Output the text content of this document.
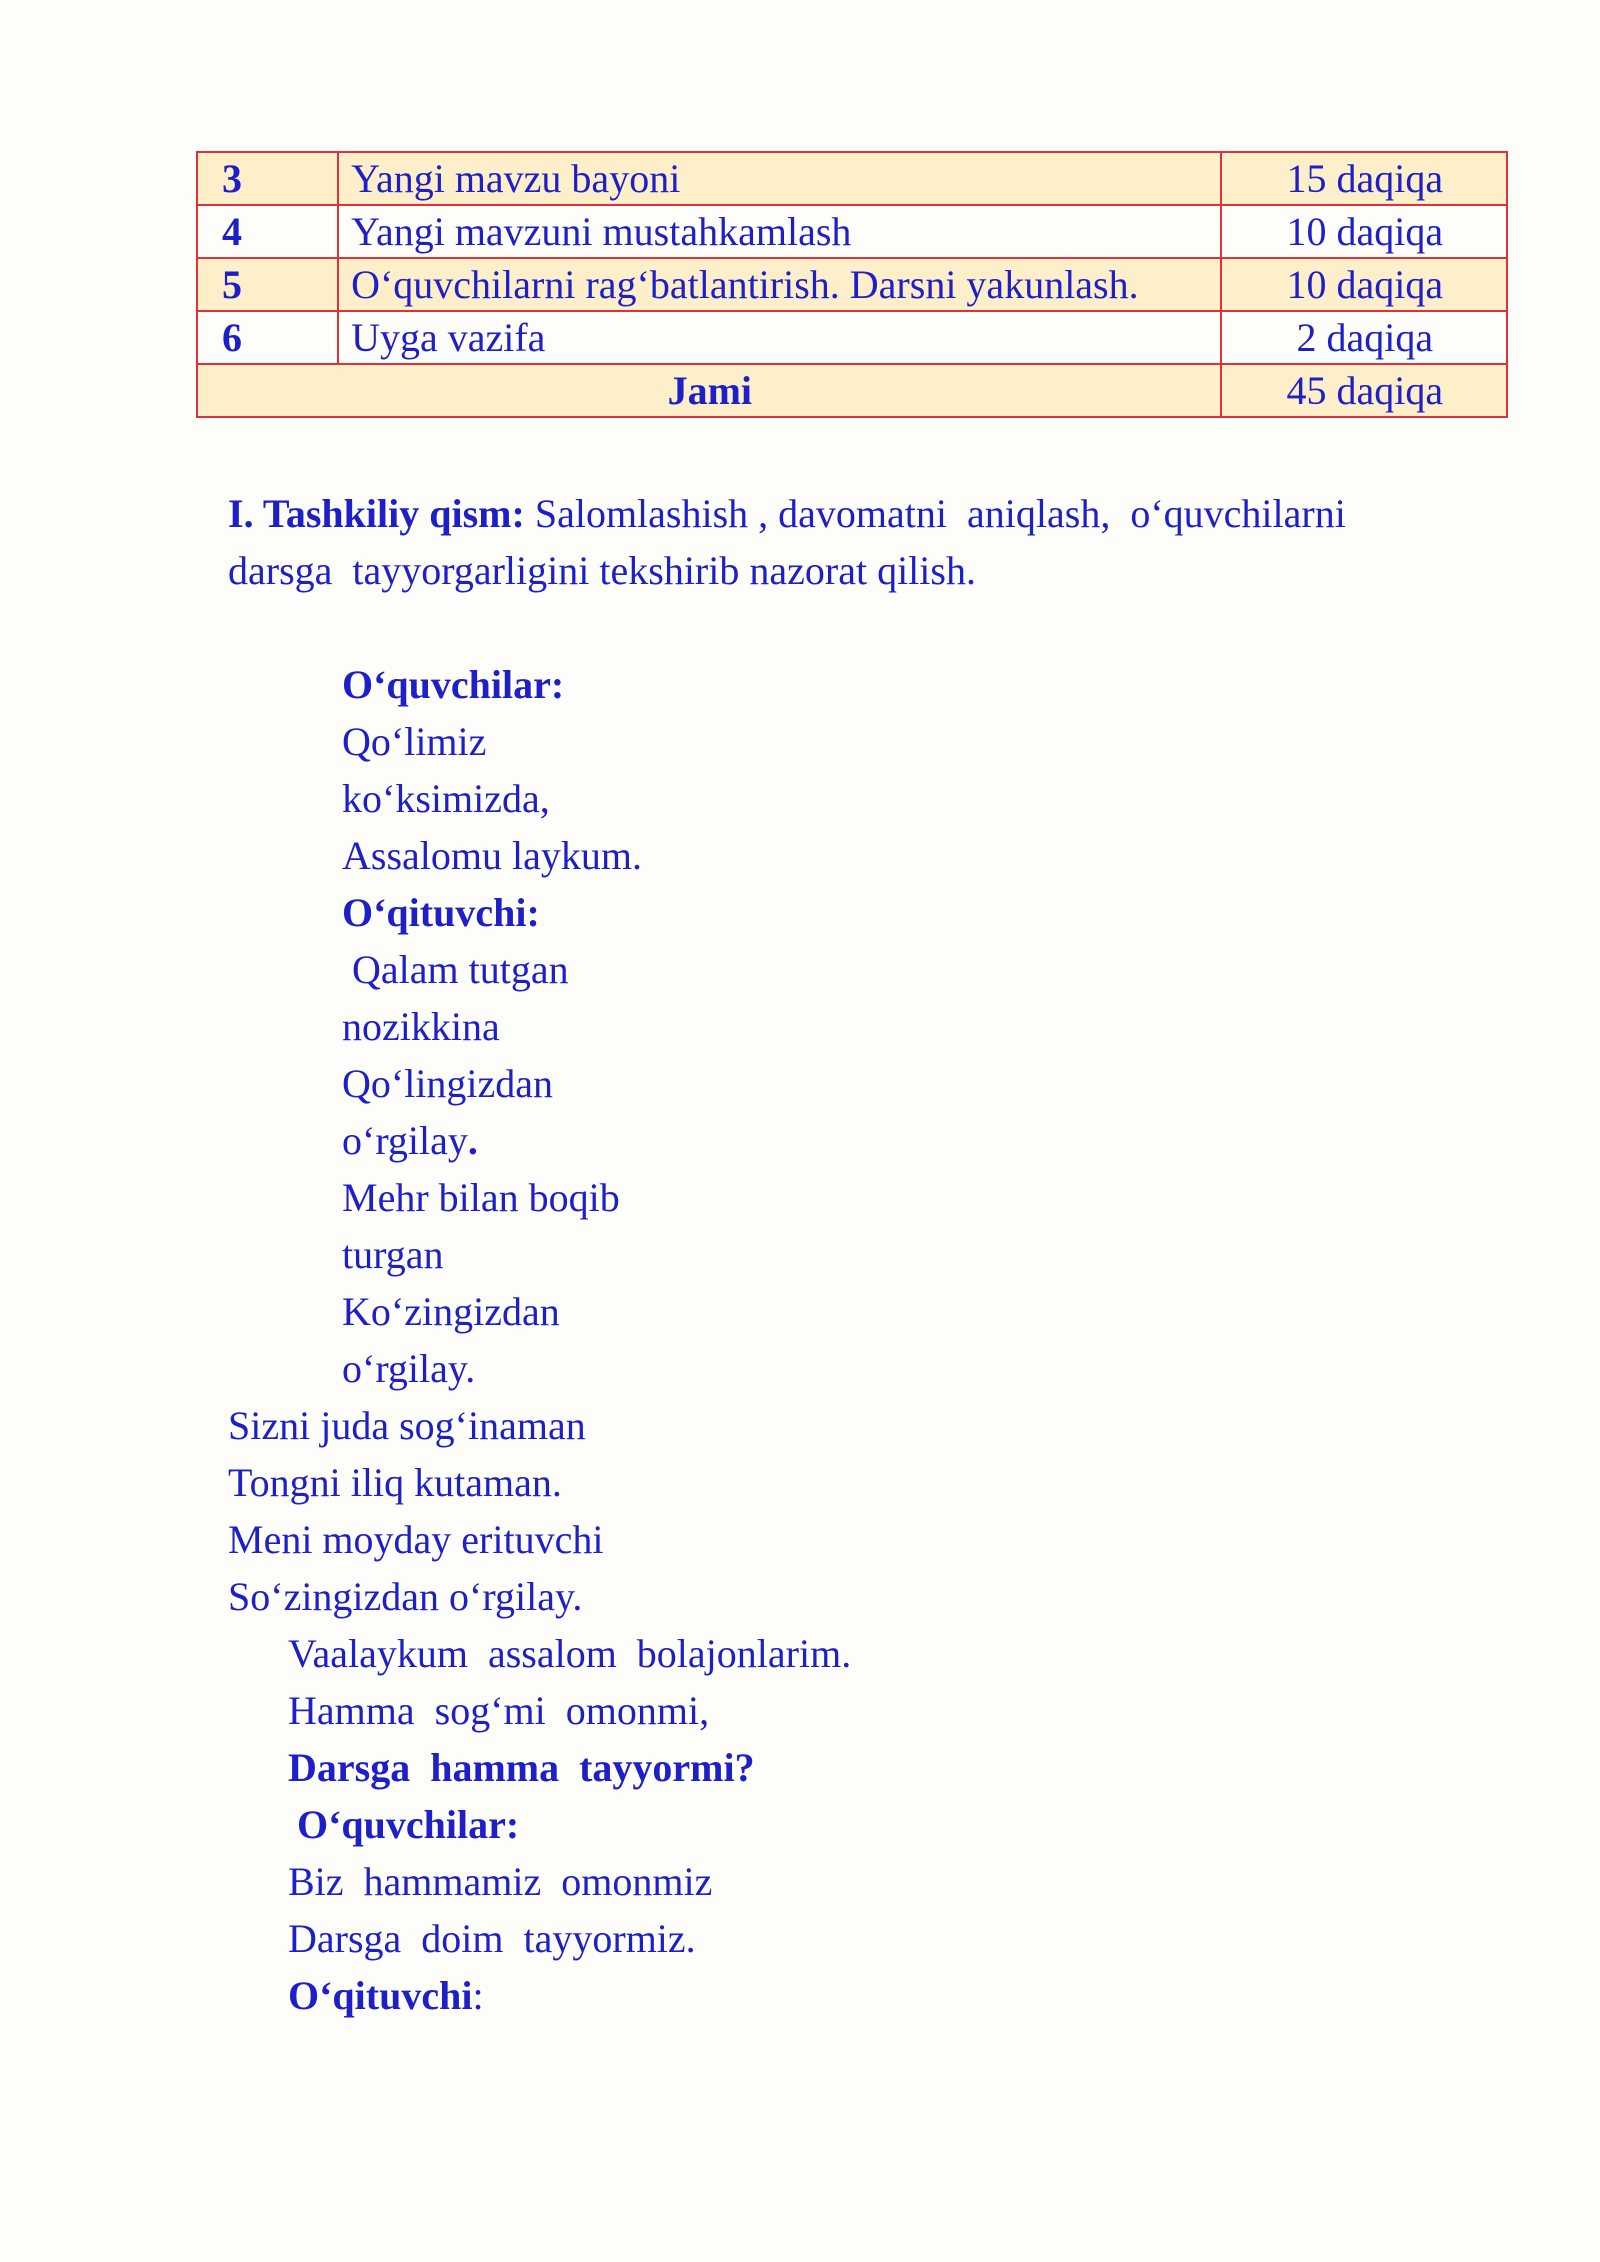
3	Yangi mavzu bayoni	15 daqiqa
4	Yangi mavzuni mustahkamlash	10 daqiqa
5	O‘quvchilarni rag‘batlantirish. Darsni yakunlash.	10 daqiqa
6	Uyga vazifa	2 daqiqa
Jami		45 daqiqa
I. Tashkiliy qism: Salomlashish , davomatni  aniqlash,  o‘quvchilarni
darsga  tayyorgarligini tekshirib nazorat qilish.
O‘quvchilar:
Qo‘limiz
ko‘ksimizda,
Assalomu laykum.
O‘qituvchi:
Qalam tutgan
nozikkina
Qo‘lingizdan
o‘rgilay.
Mehr bilan boqib
turgan
Ko‘zingizdan
o‘rgilay.
Sizni juda sog‘inaman
Tongni iliq kutaman.
Meni moyday erituvchi
So‘zingizdan o‘rgilay.
Vaalaykum  assalom  bolajonlarim.
Hamma  sog‘mi  omonmi,
Darsga  hamma  tayyormi?
O‘quvchilar:
Biz  hammamiz  omonmiz
Darsga  doim  tayyormiz.
O‘qituvchi:
